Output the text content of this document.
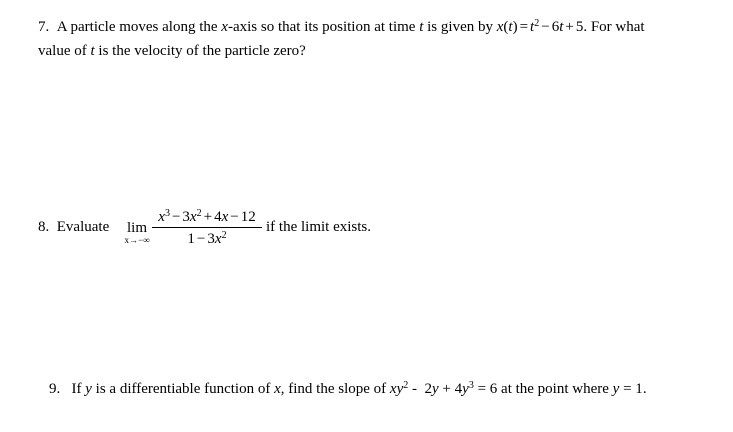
7. A particle moves along the x-axis so that its position at time t is given by $x(t) = t^2 - 6t + 5$. For what
value of t is the velocity of the particle zero?
8. Evaluate	lim
x→−∞
$x^3 - 3x^2 + 4x - 12$
$1 - 3x^2$
if the limit exists.
9. If y is a differentiable function of x, find the slope of $xy^2 - 2y + 4y^3 = 6$ at the point where y = 1.
